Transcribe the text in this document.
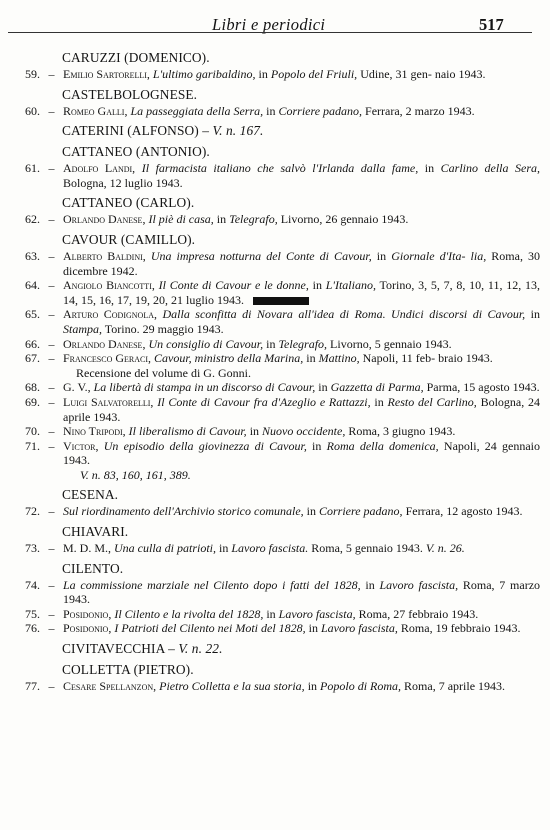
Libri e periodici	517
CARUZZI (DOMENICO).
59. – Emilio Sartorelli, L'ultimo garibaldino, in Popolo del Friuli, Udine, 31 gen- naio 1943.
CASTELBOLOGNESE.
60. – Romeo Galli, La passeggiata della Serra, in Corriere padano, Ferrara, 2 marzo 1943.
CATERINI (ALFONSO) – V. n. 167.
CATTANEO (ANTONIO).
61. – Adolfo Landi, Il farmacista italiano che salvò l'Irlanda dalla fame, in Carlino della Sera, Bologna, 12 luglio 1943.
CATTANEO (CARLO).
62. – Orlando Danese, Il piè di casa, in Telegrafo, Livorno, 26 gennaio 1943.
CAVOUR (CAMILLO).
63. – Alberto Baldini, Una impresa notturna del Conte di Cavour, in Giornale d'Ita- lia, Roma, 30 dicembre 1942.
64. – Angiolo Biancotti, Il Conte di Cavour e le donne, in L'Italiano, Torino, 3, 5, 7, 8, 10, 11, 12, 13, 14, 15, 16, 17, 19, 20, 21 luglio 1943.
65. – Arturo Codignola, Dalla sconfitta di Novara all'idea di Roma. Undici discorsi di Cavour, in Stampa, Torino. 29 maggio 1943.
66. – Orlando Danese, Un consiglio di Cavour, in Telegrafo, Livorno, 5 gennaio 1943.
67. – Francesco Geraci, Cavour, ministro della Marina, in Mattino, Napoli, 11 feb- braio 1943.
Recensione del volume di G. Gonni.
68. – G. V., La libertà di stampa in un discorso di Cavour, in Gazzetta di Parma, Parma, 15 agosto 1943.
69. – Luigi Salvatorelli, Il Conte di Cavour fra d'Azeglio e Rattazzi, in Resto del Carlino, Bologna, 24 aprile 1943.
70. – Nino Tripodi, Il liberalismo di Cavour, in Nuovo occidente, Roma, 3 giugno 1943.
71. – Victor, Un episodio della giovinezza di Cavour, in Roma della domenica, Napoli, 24 gennaio 1943.
V. n. 83, 160, 161, 389.
CESENA.
72. – Sul riordinamento dell'Archivio storico comunale, in Corriere padano, Ferrara, 12 agosto 1943.
CHIAVARI.
73. – M. D. M., Una culla di patrioti, in Lavoro fascista. Roma, 5 gennaio 1943. V. n. 26.
CILENTO.
74. – La commissione marziale nel Cilento dopo i fatti del 1828, in Lavoro fascista, Roma, 7 marzo 1943.
75. – Posidonio, Il Cilento e la rivolta del 1828, in Lavoro fascista, Roma, 27 febbraio 1943.
76. – Posidonio, I Patrioti del Cilento nei Moti del 1828, in Lavoro fascista, Roma, 19 febbraio 1943.
CIVITAVECCHIA – V. n. 22.
COLLETTA (PIETRO).
77. – Cesare Spellanzon, Pietro Colletta e la sua storia, in Popolo di Roma, Roma, 7 aprile 1943.
